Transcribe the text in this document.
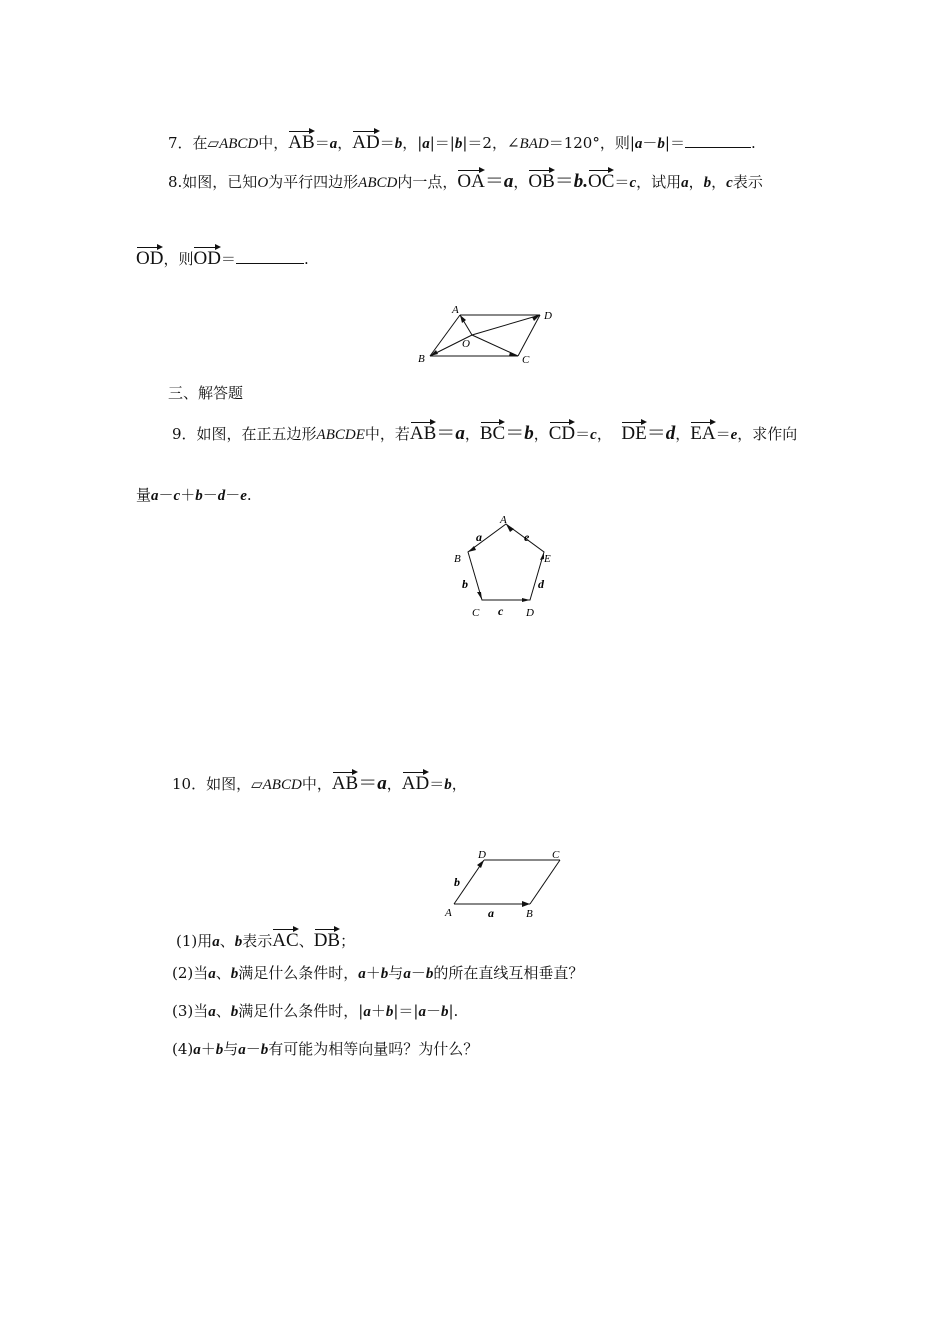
7．在▱ABCD中，AB＝a，AD＝b，|a|＝|b|＝2，∠BAD＝120°，则|a－b|＝	.
8.如图，已知O为平行四边形ABCD内一点，OA＝a，OB＝b.OC＝c，试用a，b，c表示
OD，则OD＝	.
A
B	C
D
O
三、解答题
9．如图，在正五边形ABCDE中，若AB＝a，BC＝b，CD＝c， DE＝d，EA＝e，求作向
量a－c＋b－d－e.
A
B
C	D
E
a
b
c
d
e
10．如图，▱ABCD中，AB＝a，AD＝b，
D	C
A	B
a
b
(1)用a、b表示AC、DB；
(2)当a、b满足什么条件时，a＋b与a－b的所在直线互相垂直？
(3)当a、b满足什么条件时，|a＋b|＝|a－b|.
(4)a＋b与a－b有可能为相等向量吗？为什么？
